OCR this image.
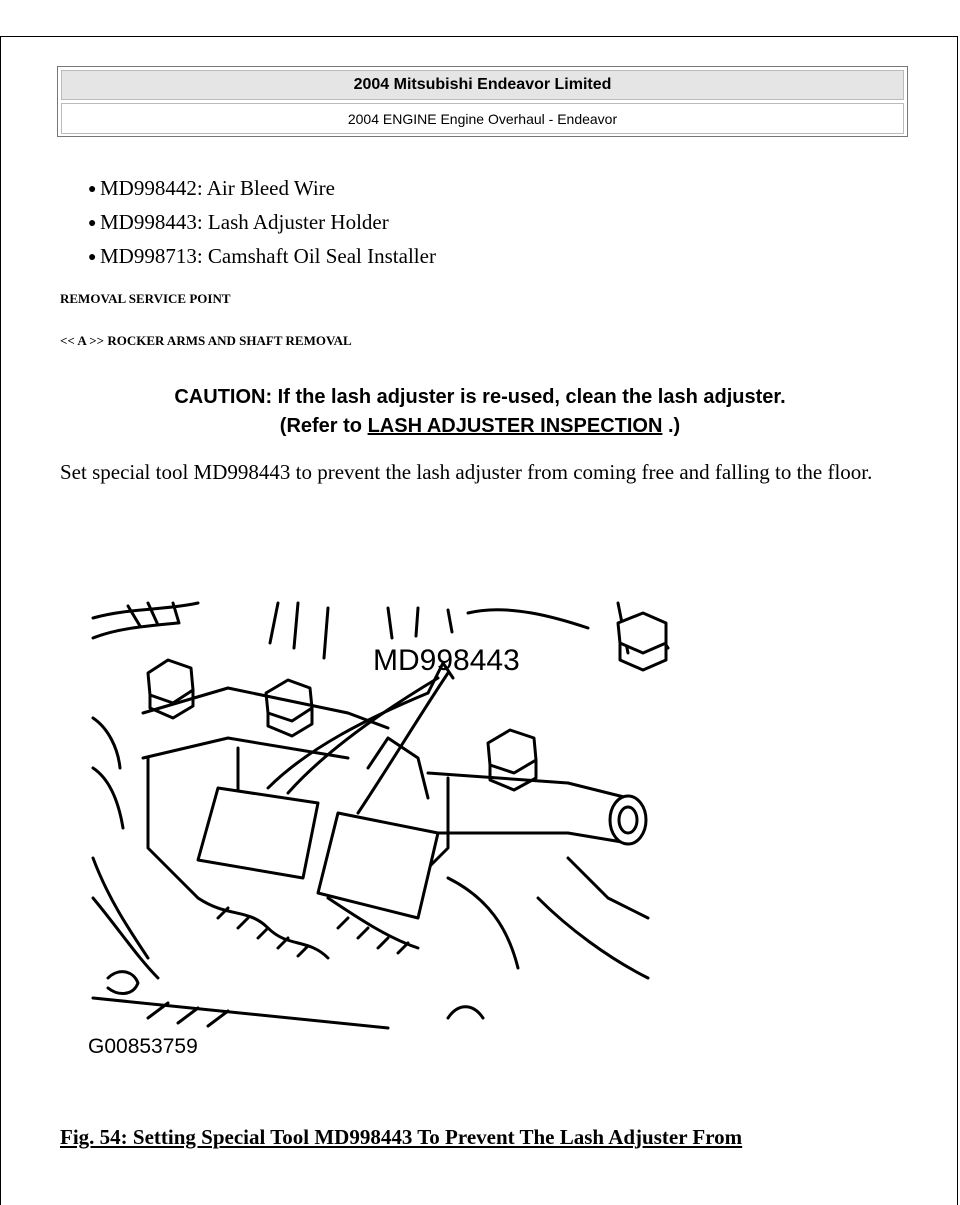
2004 Mitsubishi Endeavor Limited
2004 ENGINE Engine Overhaul - Endeavor
● MD998442: Air Bleed Wire
● MD998443: Lash Adjuster Holder
● MD998713: Camshaft Oil Seal Installer
REMOVAL SERVICE POINT
<< A >> ROCKER ARMS AND SHAFT REMOVAL
CAUTION: If the lash adjuster is re-used, clean the lash adjuster.
(Refer to LASH ADJUSTER INSPECTION .)
Set special tool MD998443 to prevent the lash adjuster from coming free and falling to the floor.
MD998443
G00853759
Fig. 54: Setting Special Tool MD998443 To Prevent The Lash Adjuster From
